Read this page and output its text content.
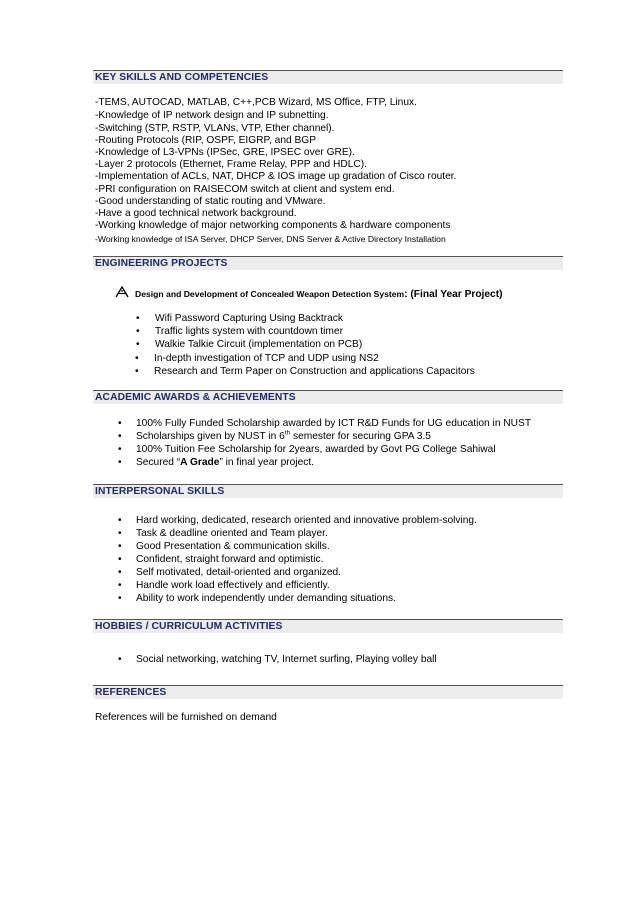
KEY SKILLS AND COMPETENCIES
-TEMS, AUTOCAD, MATLAB, C++,PCB Wizard, MS Office, FTP, Linux.
-Knowledge of IP network design and IP subnetting.
-Switching (STP, RSTP, VLANs, VTP, Ether channel).
-Routing Protocols (RIP, OSPF, EIGRP, and BGP
-Knowledge of L3-VPNs (IPSec, GRE, IPSEC over GRE).
-Layer 2 protocols (Ethernet, Frame Relay, PPP and HDLC).
-Implementation of ACLs, NAT, DHCP & IOS image up gradation of Cisco router.
-PRI configuration on RAISECOM switch at client and system end.
-Good understanding of static routing and VMware.
-Have a good technical network background.
-Working knowledge of major networking components & hardware components
-Working knowledge of ISA Server, DHCP Server, DNS Server & Active Directory Installation
ENGINEERING PROJECTS
Design and Development of Concealed Weapon Detection System: (Final Year Project)
• Wifi Password Capturing Using Backtrack
• Traffic lights system with countdown timer
• Walkie Talkie Circuit (implementation on PCB)
• In-depth investigation of TCP and UDP using NS2
• Research and Term Paper on Construction and applications Capacitors
ACADEMIC AWARDS & ACHIEVEMENTS
• 100% Fully Funded Scholarship awarded by ICT R&D Funds for UG education in NUST
• Scholarships given by NUST in 6th semester for securing GPA 3.5
• 100% Tuition Fee Scholarship for 2years, awarded by Govt PG College Sahiwal
• Secured “A Grade” in final year project.
INTERPERSONAL SKILLS
• Hard working, dedicated, research oriented and innovative problem-solving.
• Task & deadline oriented and Team player.
• Good Presentation & communication skills.
• Confident, straight forward and optimistic.
• Self motivated, detail-oriented and organized.
• Handle work load effectively and efficiently.
• Ability to work independently under demanding situations.
HOBBIES / CURRICULUM ACTIVITIES
• Social networking, watching TV, Internet surfing, Playing volley ball
REFERENCES
References will be furnished on demand
